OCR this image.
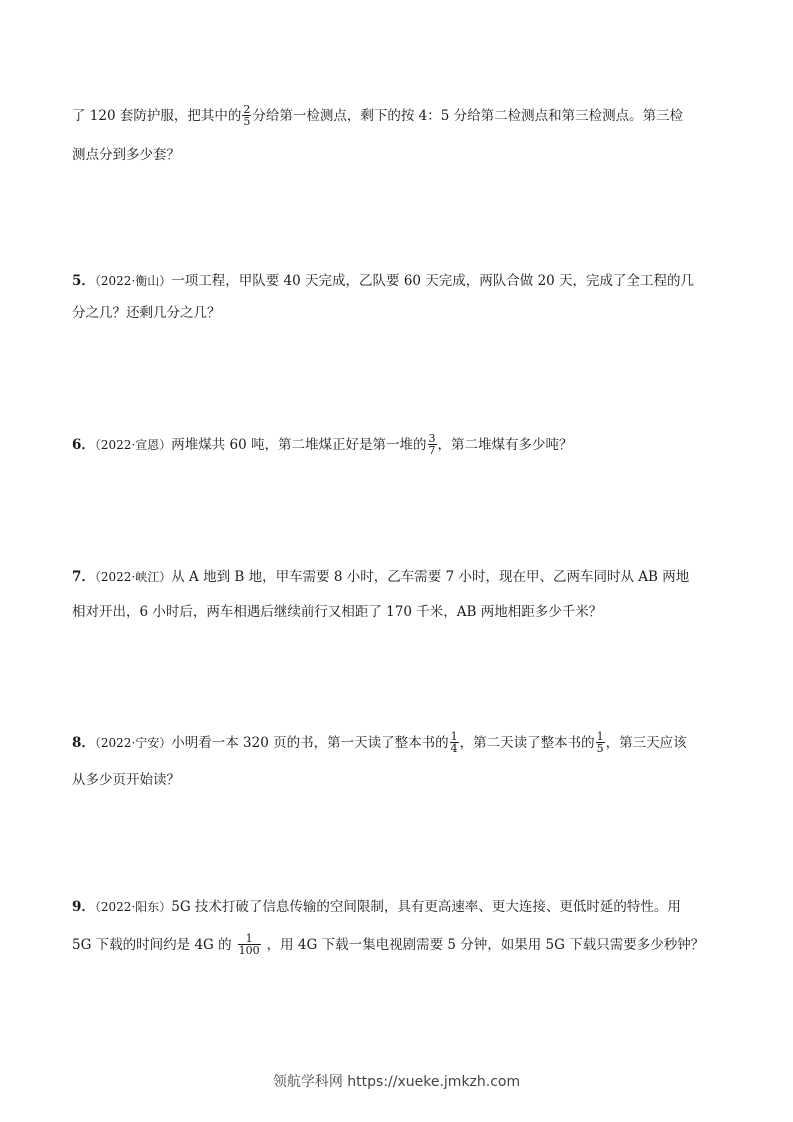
了 120 套防护服，把其中的 $\frac{2}{5}$ 分给第一检测点，剩下的按 4：5 分给第二检测点和第三检测点。第三检
测点分到多少套？
5．（2022·衡山）一项工程，甲队要 40 天完成，乙队要 60 天完成，两队合做 20 天，完成了全工程的几
分之几？还剩几分之几？
6．（2022·宣恩）两堆煤共 60 吨，第二堆煤正好是第一堆的 $\frac{3}{7}$ ，第二堆煤有多少吨？
7．（2022·峡江）从 A 地到 B 地，甲车需要 8 小时，乙车需要 7 小时，现在甲、乙两车同时从 AB 两地
相对开出，6 小时后，两车相遇后继续前行又相距了 170 千米，AB 两地相距多少千米？
8．（2022·宁安）小明看一本 320 页的书，第一天读了整本书的 $\frac{1}{4}$ ，第二天读了整本书的 $\frac{1}{5}$ ，第三天应该
从多少页开始读？
9．（2022·阳东）5G 技术打破了信息传输的空间限制，具有更高速率、更大连接、更低时延的特性。用
5G 下载的时间约是 4G 的 $\frac{1}{100}$ ，用 4G 下载一集电视剧需要 5 分钟，如果用 5G 下载只需要多少秒钟？
领航学科网 https://xueke.jmkzh.com
